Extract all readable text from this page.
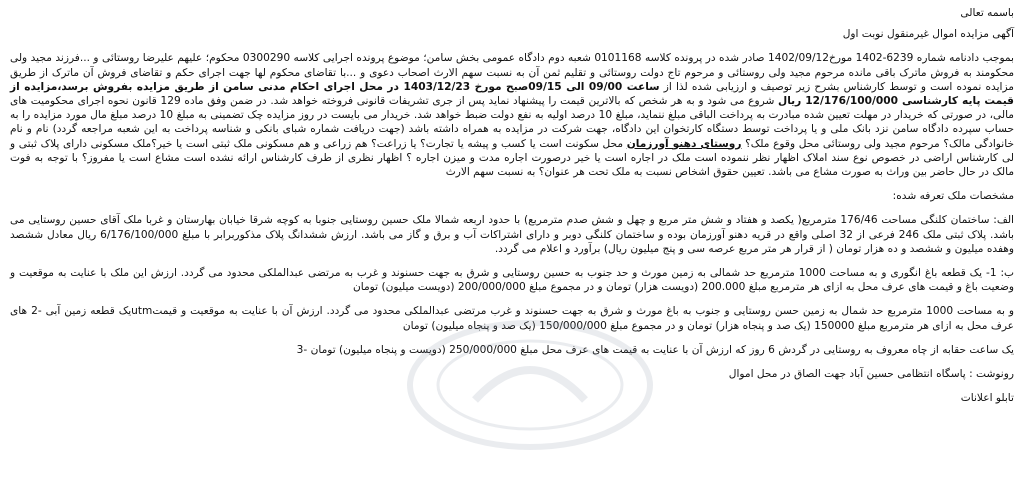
باسمه تعالی

آگهی مزایده اموال غیرمنقول نوبت اول

بموجب دادنامه شماره 6239-1402 مورخ1402/09/12 صادر شده در پرونده کلاسه 0101168 شعبه دوم دادگاه عمومی بخش سامن؛ موضوع پرونده اجرایی کلاسه 0300290 محکوم؛ علیهم علیرضا روستائی و ...فرزند مجید ولی محکومند به فروش ماترک باقی مانده مرحوم مجید ولی روستائی و مرحوم تاج دولت روستائی و تقلیم ثمن آن به نسبت سهم الارث اصحاب دعوی و ...با تقاضای محکوم لها جهت اجرای حکم و تقاضای فروش آن ماترک از طریق مزایده نموده است و توسط کارشناس بشرح زیر توصیف و ارزیابی شده لذا از ساعت 09/00 الی 09/15صبح مورخ 1403/12/23 در محل اجرای احکام مدنی سامن از طریق مزایده بفروش برسد،مزایده از قیمت پایه کارشناسی 12/176/100/000 ریال شروع می شود و به هر شخص که بالاترین قیمت را پیشنهاد نماید پس از جری تشریفات قانونی فروخته خواهد شد. در ضمن وفق ماده 129 قانون نحوه اجرای محکومیت های مالی، در صورتی که خریدار در مهلت تعیین شده مبادرت به پرداخت الباقی مبلغ ننماید، مبلغ 10 درصد اولیه به نفع دولت ضبط خواهد شد. خریدار می بایست در روز مزایده چک تضمینی به مبلغ 10 درصد مبلغ مال مورد مزایده را به حساب سپرده دادگاه سامن نزد بانک ملی و یا پرداخت توسط دستگاه کارتخوان این دادگاه، جهت شرکت در مزایده به همراه داشته باشد (جهت دریافت شماره شبای بانکی و شناسه پرداخت به این شعبه مراجعه گردد) نام و نام خانوادگی مالک؟ مرحوم مجید ولی روستائی محل وقوع ملک؟ روستای دهنو آورزمان محل سکونت است یا کسب و پیشه یا تجارت؟ یا زراعت؟ هم زراعی و هم مسکونی ملک ثبتی است یا خیر؟ملک مسکونی دارای پلاک ثبتی و لی کارشناس اراضی در خصوص نوع سند املاک اظهار نظر ننموده است ملک در اجاره است یا خیر درصورت اجاره مدت و میزن اجاره ؟ اظهار نظری از طرف کارشناس ارائه نشده است مشاع است یا مفروز؟ با توجه به فوت مالک در حال حاضر بین وراث به صورت مشاع می باشد. تعیین حقوق اشخاص نسبت به ملک تحت هر عنوان؟ به نسبت سهم الارث

مشخصات ملک تعرفه شده:

الف: ساختمان کلنگی مساحت 176/46 مترمربع( یکصد و هفتاد و شش متر مربع و چهل و شش صدم مترمربع) با حدود اربعه شمالا ملک حسین روستایی جنوبا به کوچه شرقا خیابان بهارستان و غربا ملک آقای حسین روستایی می باشد. پلاک ثبتی ملک 246 فرعی از 32 اصلی واقع در قریه دهنو آورزمان بوده و ساختمان کلنگی دوبر و دارای اشتراکات آب و برق و گاز می باشد. ارزش ششدانگ پلاک مذکوربرابر با مبلغ 6/176/100/000 ریال معادل ششصد وهفده میلیون و ششصد و ده هزار تومان ( از قرار هر متر مربع عرصه سی و پنج میلیون ریال) برآورد و اعلام می گردد.

ب: 1- یک قطعه باغ انگوری و به مساحت 1000 مترمربع حد شمالی به زمین مورث و حد جنوب به حسین روستایی و شرق به جهت حسنوند و غرب به مرتضی عبدالملکی محدود می گردد. ارزش این ملک با عنایت به موقعیت و وضعیت باغ و قیمت های عرف محل به ازای هر مترمربع مبلغ 200.000 (دویست هزار) تومان و در مجموع مبلغ 200/000/000 (دویست میلیون) تومان

و به مساحت 1000 مترمربع حد شمال به زمین حسن روستایی و جنوب به باغ مورث و شرق به جهت حسنوند و غرب مرتضی عبدالملکی محدود می گردد. ارزش آن با عنایت به موقعیت و قیمتutmیک قطعه زمین آبی -2 های عرف محل به ازای هر مترمربع مبلغ 150000 (یک صد و پنجاه هزار) تومان و در مجموع مبلغ 150/000/000 (یک صد و پنجاه میلیون) تومان

یک ساعت حقابه از چاه معروف به روستایی در گردش 6 روز که ارزش آن با عنایت به قیمت های عرف محل مبلغ 250/000/000 (دویست و پنجاه میلیون) تومان -3

رونوشت : پاسگاه انتظامی حسین آباد جهت الصاق در محل اموال

تابلو اعلانات
